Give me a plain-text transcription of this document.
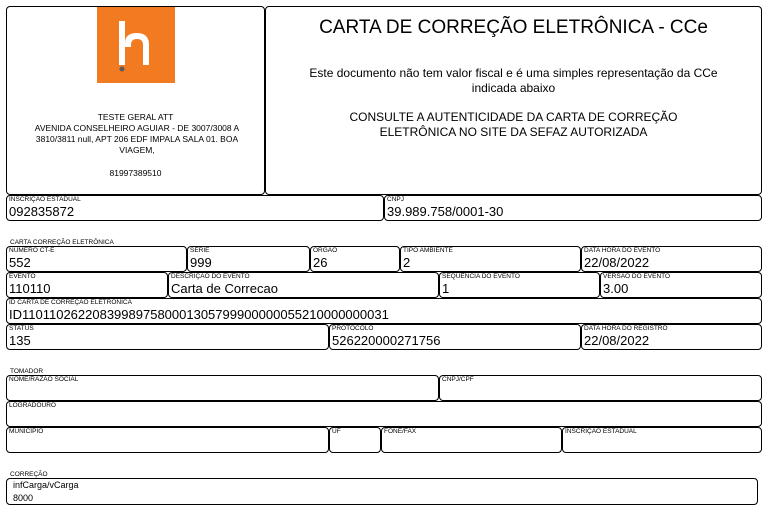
TESTE GERAL ATT
AVENIDA CONSELHEIRO AGUIAR - DE 3007/3008 A 3810/3811 null, APT 206 EDF IMPALA SALA 01. BOA VIAGEM,
81997389510
CARTA DE CORREÇÃO ELETRÔNICA - CCe
Este documento não tem valor fiscal e é uma simples representação da CCe indicada abaixo
CONSULTE A AUTENTICIDADE DA CARTA DE CORREÇÃO ELETRÔNICA NO SITE DA SEFAZ AUTORIZADA
INSCRIÇÃO ESTADUAL
092835872
CNPJ
39.989.758/0001-30
CARTA CORREÇÃO ELETRÔNICA
NÚMERO CT-E
552
SÉRIE
999
ÓRGÃO
26
TIPO AMBIENTE
2
DATA HORA DO EVENTO
22/08/2022
EVENTO
110110
DESCRIÇÃO DO EVENTO
Carta de Correcao
SEQUÊNCIA DO EVENTO
1
VERSÃO DO EVENTO
3.00
ID CARTA DE CORREÇÃO ELETRÔNICA
ID110110262208399897580001305799900000055210000000031
STATUS
135
PROTOCOLO
526220000271756
DATA HORA DO REGISTRO
22/08/2022
TOMADOR
NOME/RAZÃO SOCIAL	CNPJ/CPF
LOGRADOURO
MUNICÍPIO	UF	FONE/FAX	INSCRIÇÃO ESTADUAL
CORREÇÃO
infCarga/vCarga
8000
